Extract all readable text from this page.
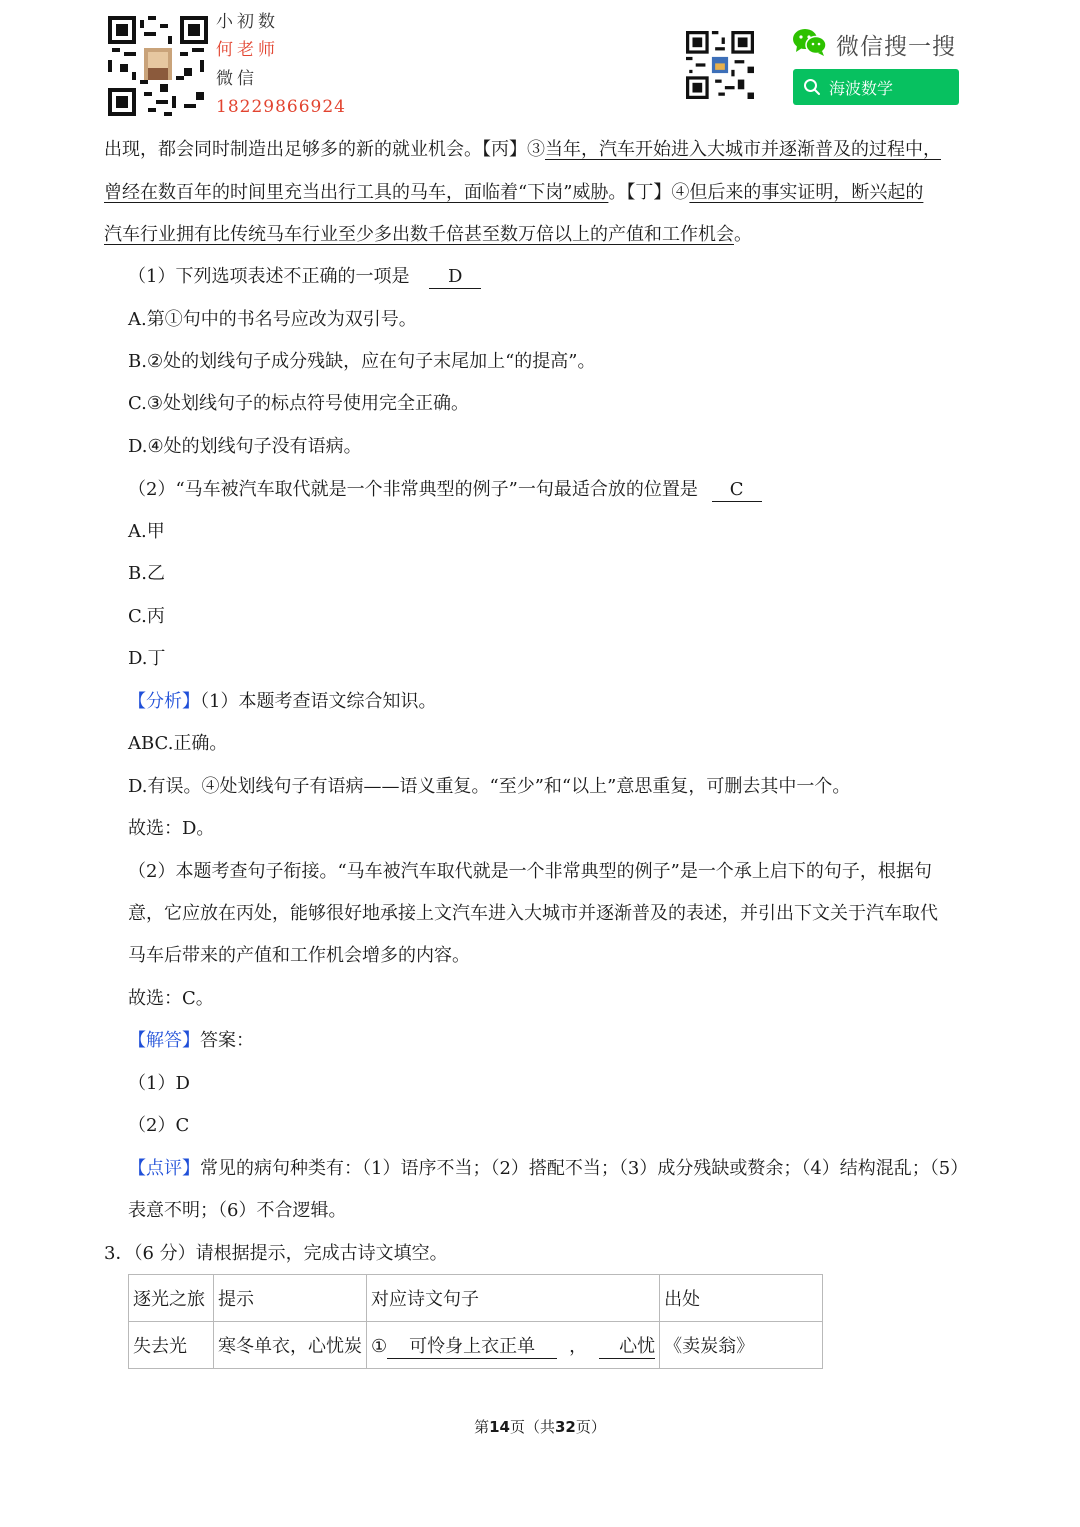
小初数
何老师
微信
18229866924
微信搜一搜
海波数学
出现，都会同时制造出足够多的新的就业机会。【丙】③当年，汽车开始进入大城市并逐渐普及的过程中，
曾经在数百年的时间里充当出行工具的马车，面临着“下岗”威胁。【丁】④但后来的事实证明，断兴起的
汽车行业拥有比传统马车行业至少多出数千倍甚至数万倍以上的产值和工作机会。
（1）下列选项表述不正确的一项是 D
A.第①句中的书名号应改为双引号。
B.②处的划线句子成分残缺，应在句子末尾加上“的提高”。
C.③处划线句子的标点符号使用完全正确。
D.④处的划线句子没有语病。
（2）“马车被汽车取代就是一个非常典型的例子”一句最适合放的位置是 C
A.甲
B.乙
C.丙
D.丁
【分析】（1）本题考查语文综合知识。
ABC.正确。
D.有误。④处划线句子有语病——语义重复。“至少”和“以上”意思重复，可删去其中一个。
故选：D。
（2）本题考查句子衔接。“马车被汽车取代就是一个非常典型的例子”是一个承上启下的句子，根据句
意，它应放在丙处，能够很好地承接上文汽车进入大城市并逐渐普及的表述，并引出下文关于汽车取代
马车后带来的产值和工作机会增多的内容。
故选：C。
【解答】答案：
（1）D
（2）C
【点评】常见的病句种类有：（1）语序不当；（2）搭配不当；（3）成分残缺或赘余；（4）结构混乱；（5）
表意不明；（6）不合逻辑。
3．（6 分）请根据提示，完成古诗文填空。
逐光之旅	提示	对应诗文句子	出处
失去光	寒冬单衣，心忧炭	① 可怜身上衣正单 ， 心忧	《卖炭翁》
第14页（共32页）
